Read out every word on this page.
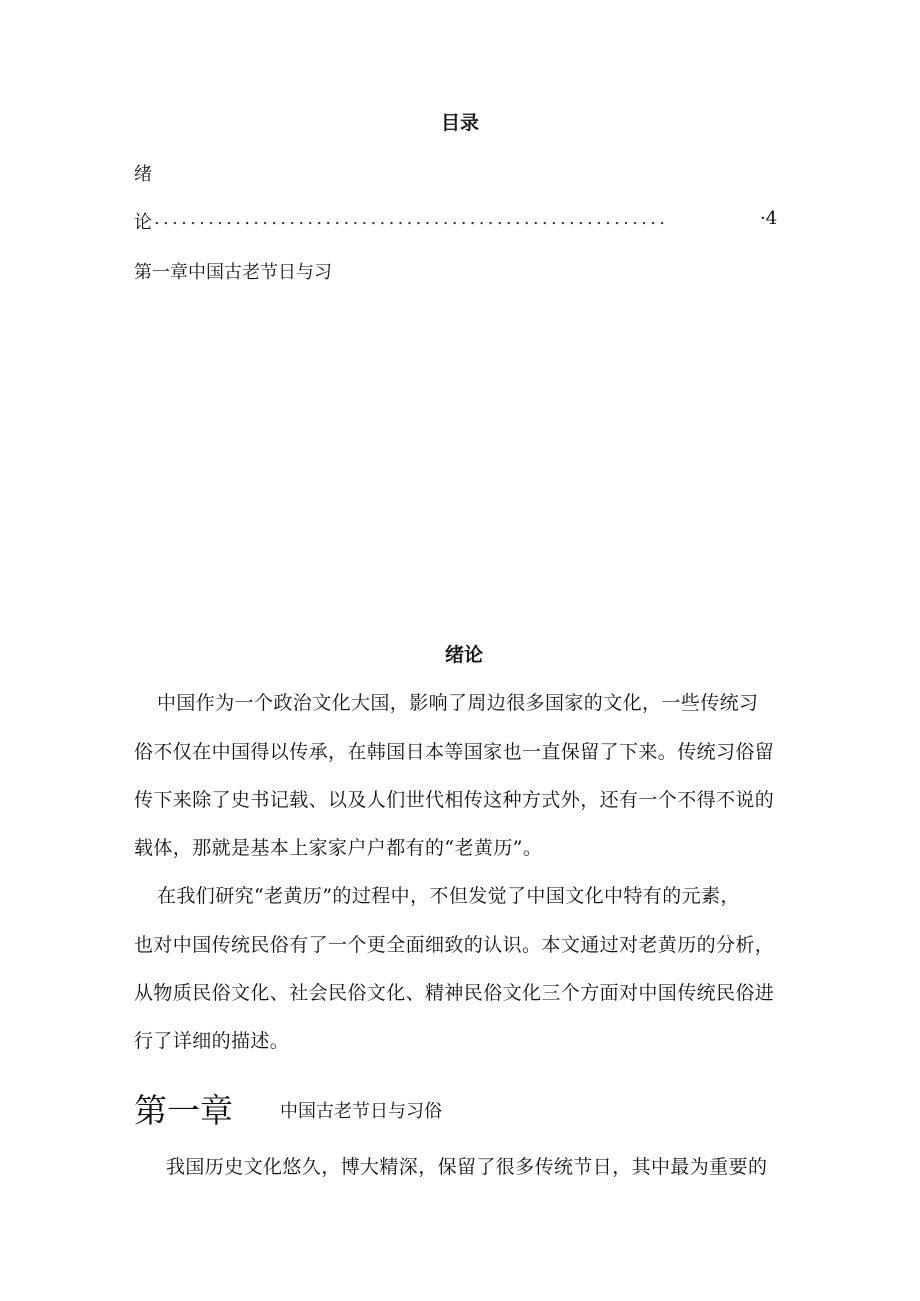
目录
绪
论 .........................................................	·4
第一章中国古老节日与习
绪论
中国作为一个政治文化大国，影响了周边很多国家的文化，一些传统习
俗不仅在中国得以传承，在韩国日本等国家也一直保留了下来。传统习俗留
传下来除了史书记载、以及人们世代相传这种方式外，还有一个不得不说的
载体，那就是基本上家家户户都有的“老黄历”。
在我们研究“老黄历”的过程中，不但发觉了中国文化中特有的元素，
也对中国传统民俗有了一个更全面细致的认识。本文通过对老黄历的分析，
从物质民俗文化、社会民俗文化、精神民俗文化三个方面对中国传统民俗进
行了详细的描述。
第一章	中国古老节日与习俗
我国历史文化悠久，博大精深，保留了很多传统节日，其中最为重要的
